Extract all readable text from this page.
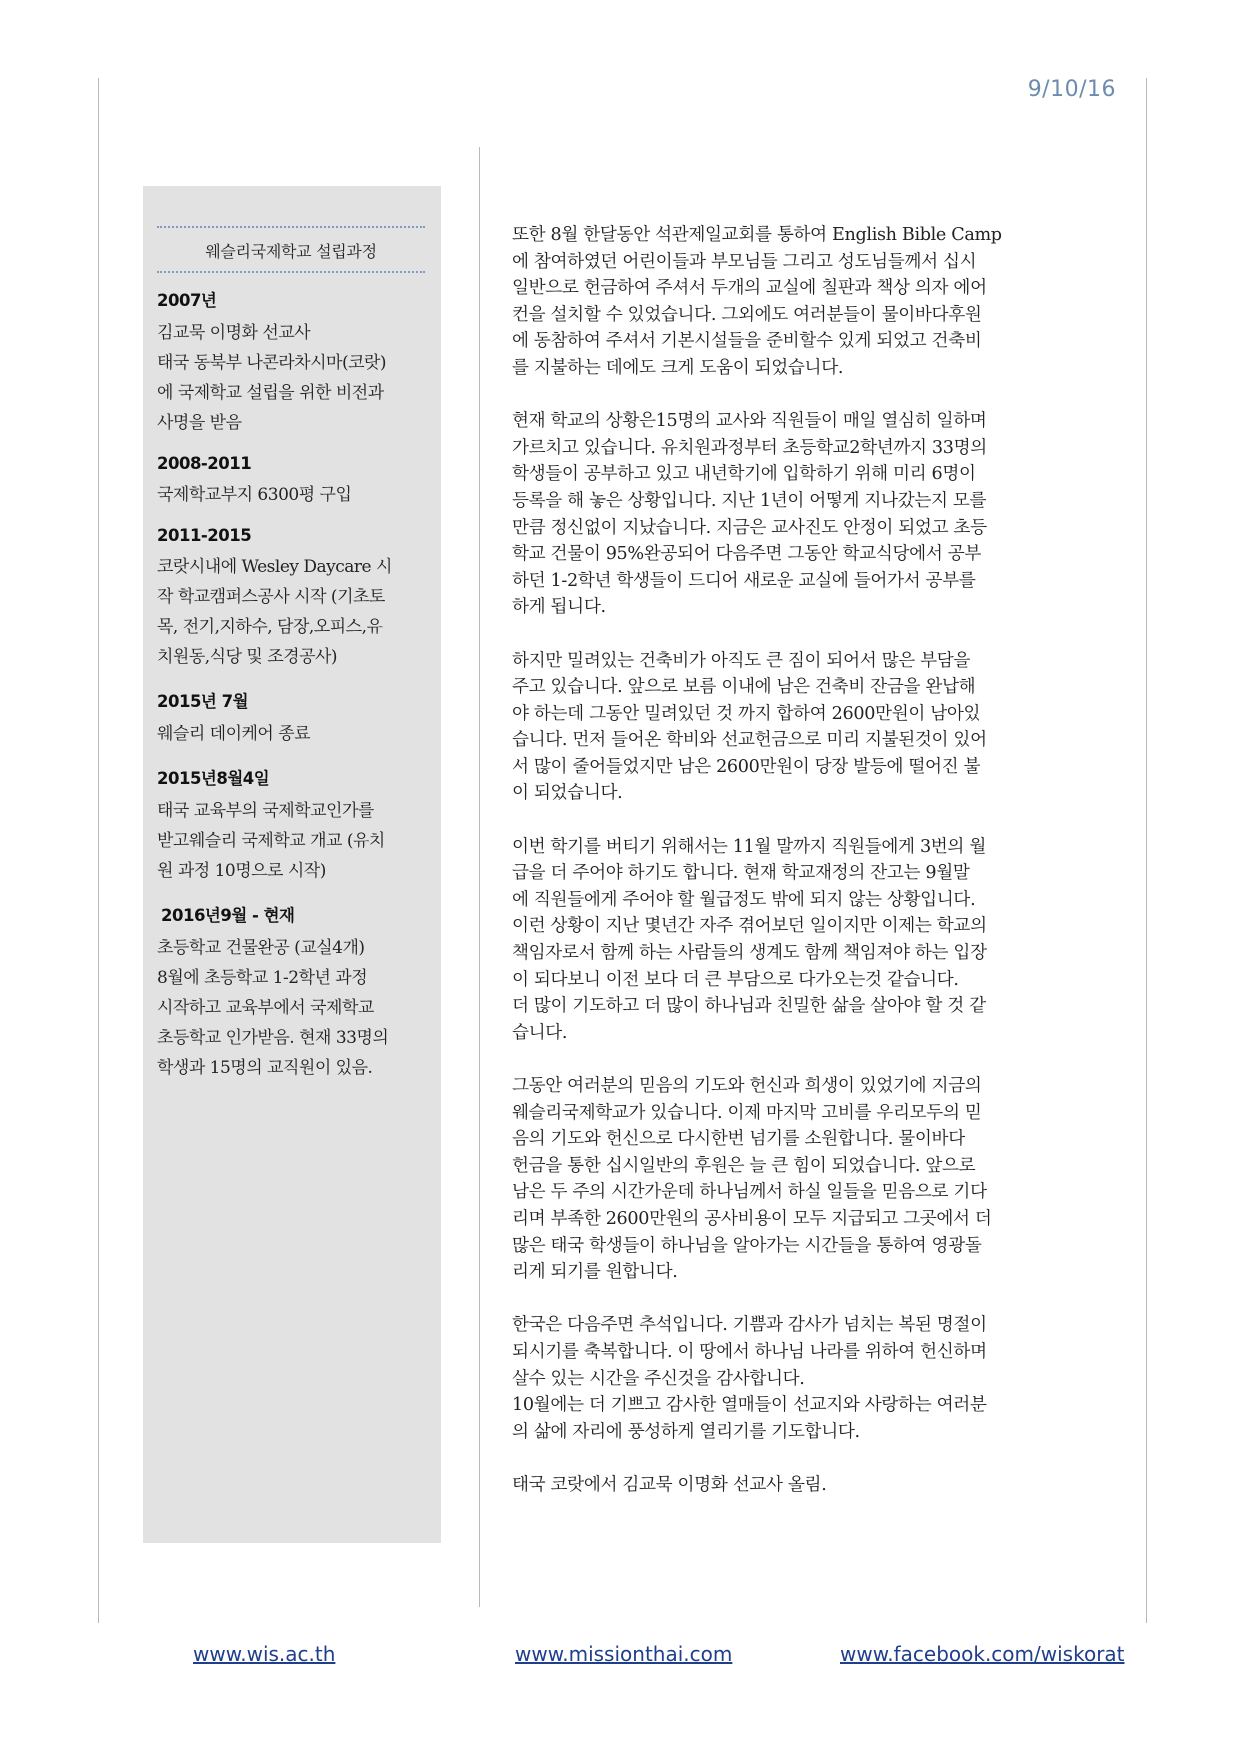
9/10/16
웨슬리국제학교 설립과정
2007년
김교묵 이명화 선교사
태국 동북부 나콘라차시마(코랏)
에 국제학교 설립을 위한 비전과
사명을 받음
2008-2011
국제학교부지 6300평 구입
2011-2015
코랏시내에 Wesley Daycare 시
작 학교캠퍼스공사 시작 (기초토
목, 전기,지하수, 담장,오피스,유
치원동,식당 및 조경공사)
2015년 7월
웨슬리 데이케어 종료
2015년8월4일
태국 교육부의 국제학교인가를
받고웨슬리 국제학교 개교 (유치
원 과정 10명으로 시작)
2016년9월 - 현재
초등학교 건물완공 (교실4개)
8월에 초등학교 1-2학년 과정
시작하고 교육부에서 국제학교
초등학교 인가받음. 현재 33명의
학생과 15명의 교직원이 있음.

또한 8월 한달동안 석관제일교회를 통하여 English Bible Camp
에 참여하였던 어린이들과 부모님들 그리고 성도님들께서 십시
일반으로 헌금하여 주셔서 두개의 교실에 칠판과 책상 의자 에어
컨을 설치할 수 있었습니다. 그외에도 여러분들이 물이바다후원
에 동참하여 주셔서 기본시설들을 준비할수 있게 되었고 건축비
를 지불하는 데에도 크게 도움이 되었습니다.

현재 학교의 상황은15명의 교사와 직원들이 매일 열심히 일하며
가르치고 있습니다. 유치원과정부터 초등학교2학년까지 33명의
학생들이 공부하고 있고 내년학기에 입학하기 위해 미리 6명이
등록을 해 놓은 상황입니다. 지난 1년이 어떻게 지나갔는지 모를
만큼 정신없이 지났습니다. 지금은 교사진도 안정이 되었고 초등
학교 건물이 95%완공되어 다음주면 그동안 학교식당에서 공부
하던 1-2학년 학생들이 드디어 새로운 교실에 들어가서 공부를
하게 됩니다.

하지만 밀려있는 건축비가 아직도 큰 짐이 되어서 많은 부담을
주고 있습니다. 앞으로 보름 이내에 남은 건축비 잔금을 완납해
야 하는데 그동안 밀려있던 것 까지 합하여 2600만원이 남아있
습니다. 먼저 들어온 학비와 선교헌금으로 미리 지불된것이 있어
서 많이 줄어들었지만 남은 2600만원이 당장 발등에 떨어진 불
이 되었습니다.

이번 학기를 버티기 위해서는 11월 말까지 직원들에게 3번의 월
급을 더 주어야 하기도 합니다. 현재 학교재정의 잔고는 9월말
에 직원들에게 주어야 할 월급정도 밖에 되지 않는 상황입니다.
이런 상황이 지난 몇년간 자주 겪어보던 일이지만 이제는 학교의
책임자로서 함께 하는 사람들의 생계도 함께 책임져야 하는 입장
이 되다보니 이전 보다 더 큰 부담으로 다가오는것 같습니다.
더 많이 기도하고 더 많이 하나님과 친밀한 삶을 살아야 할 것 같
습니다.

그동안 여러분의 믿음의 기도와 헌신과 희생이 있었기에 지금의
웨슬리국제학교가 있습니다. 이제 마지막 고비를 우리모두의 믿
음의 기도와 헌신으로 다시한번 넘기를 소원합니다. 물이바다
헌금을 통한 십시일반의 후원은 늘 큰 힘이 되었습니다. 앞으로
남은 두 주의 시간가운데 하나님께서 하실 일들을 믿음으로 기다
리며 부족한 2600만원의 공사비용이 모두 지급되고 그곳에서 더
많은 태국 학생들이 하나님을 알아가는 시간들을 통하여 영광돌
리게 되기를 원합니다.

한국은 다음주면 추석입니다. 기쁨과 감사가 넘치는 복된 명절이
되시기를 축복합니다. 이 땅에서 하나님 나라를 위하여 헌신하며
살수 있는 시간을 주신것을 감사합니다.
10월에는 더 기쁘고 감사한 열매들이 선교지와 사랑하는 여러분
의 삶에 자리에 풍성하게 열리기를 기도합니다.

태국 코랏에서 김교묵 이명화 선교사 올림.

www.wis.ac.th	www.missionthai.com	www.facebook.com/wiskorat
